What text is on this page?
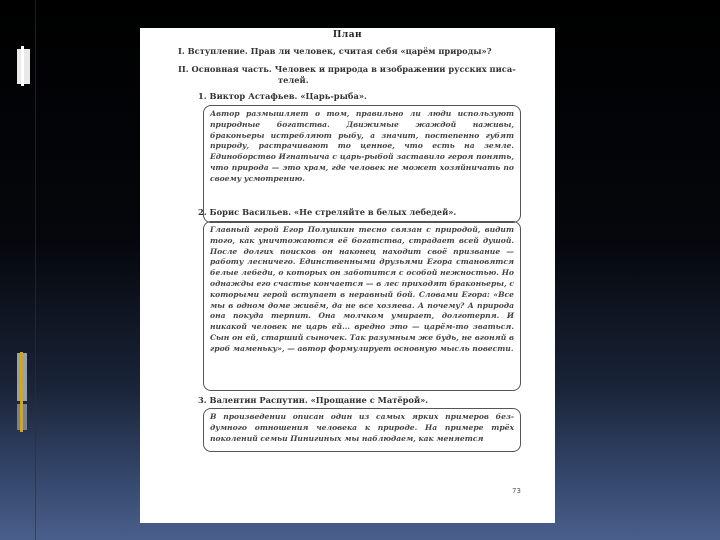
План
I. Вступление. Прав ли человек, считая себя «царём природы»?
II. Основная часть. Человек и природа в изображении русских писа-
телей.
1. Виктор Астафьев. «Царь-рыба».

Автор размышляет о том, правильно ли люди используют природные богатства. Движимые жаждой наживы, браконьеры истребляют рыбу, а значит, постепенно губят природу, растрачивают то ценное, что есть на земле. Единоборство Игнатьича с царь-рыбой заставило героя понять, что природа — это храм, где человек не может хозяйничать по своему усмотрению.

2. Борис Васильев. «Не стреляйте в белых лебедей».

Главный герой Егор Полушкин тесно связан с природой, видит того, как уничтожаются её богатства, страдает всей душой. После долгих поисков он наконец находит своё призвание — работу лесничего. Единственными друзьями Егора становятся белые лебеди, о которых он заботится с особой нежностью. Но однажды его счастье кончается — в лес приходят браконьеры, с которыми герой вступает в неравный бой. Словами Егора: «Все мы в одном доме живём, да не все хозяева. А почему? А природа она покуда терпит. Она молчком умирает, долготерпя. И никакой человек не царь ей... вредно это — царём-то зваться. Сын он ей, старший сыночек. Так разумным же будь, не вгоняй в гроб маменьку», — автор формулирует основную мысль повести.

3. Валентин Распутин. «Прощание с Матёрой».

В произведении описан один из самых ярких примеров бездумного отношения человека к природе. На примере трёх поколений семьи Пинигиных мы наблюдаем, как меняется

73
